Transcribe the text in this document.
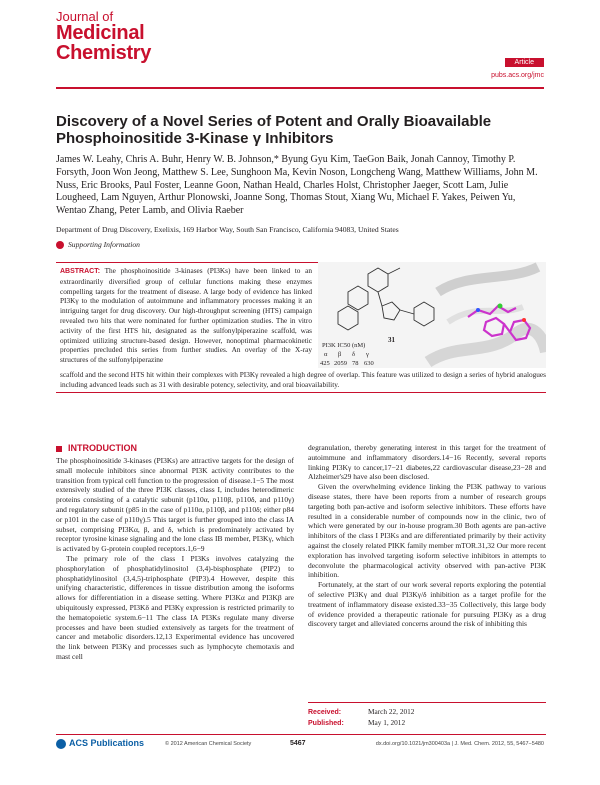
Journal of
Medicinal
Chemistry	Article
pubs.acs.org/jmc
Discovery of a Novel Series of Potent and Orally Bioavailable Phosphoinositide 3-Kinase γ Inhibitors
James W. Leahy, Chris A. Buhr, Henry W. B. Johnson,* Byung Gyu Kim, TaeGon Baik, Jonah Cannoy, Timothy P. Forsyth, Joon Won Jeong, Matthew S. Lee, Sunghoon Ma, Kevin Noson, Longcheng Wang, Matthew Williams, John M. Nuss, Eric Brooks, Paul Foster, Leanne Goon, Nathan Heald, Charles Holst, Christopher Jaeger, Scott Lam, Julie Lougheed, Lam Nguyen, Arthur Plonowski, Joanne Song, Thomas Stout, Xiang Wu, Michael F. Yakes, Peiwen Yu, Wentao Zhang, Peter Lamb, and Olivia Raeber
Department of Drug Discovery, Exelixis, 169 Harbor Way, South San Francisco, California 94083, United States
Supporting Information
ABSTRACT: The phosphoinositide 3-kinases (PI3Ks) have been linked to an extraordinarily diversified group of cellular functions making these enzymes compelling targets for the treatment of disease. A large body of evidence has linked PI3Kγ to the modulation of autoimmune and inflammatory processes making it an intriguing target for drug discovery. Our high-throughput screening (HTS) campaign revealed two hits that were nominated for further optimization studies. The in vitro activity of the first HTS hit, designated as the sulfonylpiperazine scaffold, was optimized utilizing structure-based design. However, nonoptimal pharmacokinetic properties precluded this series from further studies. An overlay of the X-ray structures of the sulfonylpiperazine
31
PI3K IC50 (nM)
α β δ γ
425 2059 78 630
scaffold and the second HTS hit within their complexes with PI3Kγ revealed a high degree of overlap. This feature was utilized to design a series of hybrid analogues including advanced leads such as 31 with desirable potency, selectivity, and oral bioavailability.
INTRODUCTION

The phosphoinositide 3-kinases (PI3Ks) are attractive targets for the design of small molecule inhibitors since abnormal PI3K activity contributes to the transition from typical cell function to the progression of disease.1−5 The most extensively studied of the three PI3K classes, class I, includes heterodimeric proteins consisting of a catalytic subunit (p110α, p110β, p110δ, and p110γ) and regulatory subunit (p85 in the case of p110α, p110β, and p110δ; either p84 or p101 in the case of p110γ).5 This target is further grouped into the class IA subset, comprising PI3Kα, β, and δ, which is predominately activated by receptor tyrosine kinase signaling and the lone class IB member, PI3Kγ, which is activated by G-protein coupled receptors.1,6−9

The primary role of the class I PI3Ks involves catalyzing the phosphorylation of phosphatidylinositol (3,4)-bisphosphate (PIP2) to phosphatidylinositol (3,4,5)-triphosphate (PIP3).4 However, despite this unifying characteristic, differences in tissue distribution among the isoforms allows for differentiation in a disease setting. Where PI3Kα and PI3Kβ are ubiquitously expressed, PI3Kδ and PI3Kγ expression is restricted primarily to the hematopoietic system.6−11 The class IA PI3Ks regulate many diverse processes and have been studied extensively as targets for the treatment of cancer and metabolic disorders.12,13 Experimental evidence has uncovered the link between PI3Kγ and processes such as lymphocyte chemotaxis and mast cell

degranulation, thereby generating interest in this target for the treatment of autoimmune and inflammatory disorders.14−16 Recently, several reports linking PI3Kγ to cancer,17−21 diabetes,22 cardiovascular disease,23−28 and Alzheimer's29 have also been disclosed.

Given the overwhelming evidence linking the PI3K pathway to various disease states, there have been reports from a number of research groups targeting both pan-active and isoform selective inhibitors. These efforts have resulted in a considerable number of compounds now in the clinic, two of which were generated by our in-house program.30 Both agents are pan-active inhibitors of the class I PI3Ks and are differentiated primarily by their activity against the closely related PIKK family member mTOR.31,32 Our more recent exploration has involved targeting isoform selective inhibitors in attempts to deconvolute the pharmacological activity observed with pan-active PI3K inhibition.

Fortunately, at the start of our work several reports exploring the potential of selective PI3Kγ and dual PI3Kγ/δ inhibition as a target profile for the treatment of inflammatory disease existed.33−35 Collectively, this large body of evidence provided a therapeutic rationale for pursuing PI3Kγ as a drug discovery target and alleviated concerns around the risk of inhibiting this

Received:	March 22, 2012
Published:	May 1, 2012
ACS Publications	© 2012 American Chemical Society	5467	dx.doi.org/10.1021/jm300403a | J. Med. Chem. 2012, 55, 5467−5480
